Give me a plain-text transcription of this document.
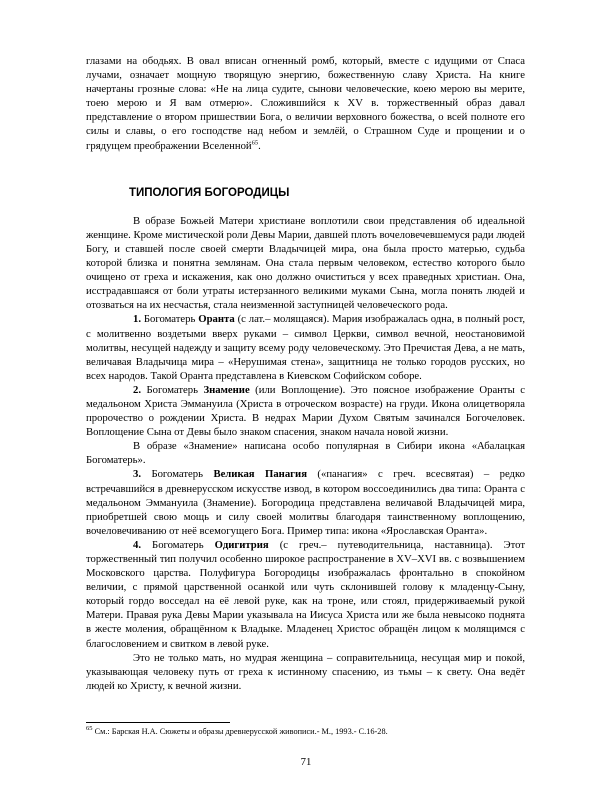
глазами на ободьях. В овал вписан огненный ромб, который, вместе с идущими от Спаса лучами, означает мощную творящую энергию, божественную славу Христа. На книге начертаны грозные слова: «Не на лица судите, сынови человеческие, коею мерою вы мерите, тоею мерою и Я вам отмерю». Сложившийся к XV в. торжественный образ давал представление о втором пришествии Бога, о величии верховного божества, о всей полноте его силы и славы, о его господстве над небом и землёй, о Страшном Суде и прощении и о грядущем преображении Вселенной$^{65}$.

ТИПОЛОГИЯ БОГОРОДИЦЫ

В образе Божьей Матери христиане воплотили свои представления об идеальной женщине. Кроме мистической роли Девы Марии, давшей плоть вочеловечевшемуся ради людей Богу, и ставшей после своей смерти Владычицей мира, она была просто матерью, судьба которой близка и понятна землянам. Она стала первым человеком, естество которого было очищено от греха и искажения, как оно должно очиститься у всех праведных христиан. Она, исстрадавшаяся от боли утраты истерзанного великими муками Сына, могла понять людей и отозваться на их несчастья, стала неизменной заступницей человеческого рода.

1. Богоматерь Оранта (с лат.– молящаяся). Мария изображалась одна, в полный рост, с молитвенно воздетыми вверх руками – символ Церкви, символ вечной, неостановимой молитвы, несущей надежду и защиту всему роду человеческому. Это Пречистая Дева, а не мать, величавая Владычица мира – «Нерушимая стена», защитница не только городов русских, но всех народов. Такой Оранта представлена в Киевском Софийском соборе.

2. Богоматерь Знамение (или Воплощение). Это поясное изображение Оранты с медальоном Христа Эммануила (Христа в отроческом возрасте) на груди. Икона олицетворяла пророчество о рождении Христа. В недрах Марии Духом Святым зачинался Богочеловек. Воплощение Сына от Девы было знаком спасения, знаком начала новой жизни.

В образе «Знамение» написана особо популярная в Сибири икона «Абалацкая Богоматерь».

3. Богоматерь Великая Панагия («панагия» с греч. всесвятая) – редко встречавшийся в древнерусском искусстве извод, в котором воссоединились два типа: Оранта с медальоном Эммануила (Знамение). Богородица представлена величавой Владычицей мира, приобретшей свою мощь и силу своей молитвы благодаря таинственному воплощению, вочеловечиванию от неё всемогущего Бога. Пример типа: икона «Ярославская Оранта».

4. Богоматерь Одигитрия (с греч.– путеводительница, наставница). Этот торжественный тип получил особенно широкое распространение в XV–XVI вв. с возвышением Московского царства. Полуфигура Богородицы изображалась фронтально в спокойном величии, с прямой царственной осанкой или чуть склонившей голову к младенцу-Сыну, который гордо восседал на её левой руке, как на троне, или стоял, придерживаемый рукой Матери. Правая рука Девы Марии указывала на Иисуса Христа или же была невысоко поднята в жесте моления, обращённом к Владыке. Младенец Христос обращён лицом к молящимся с благословением и свитком в левой руке.

Это не только мать, но мудрая женщина – соправительница, несущая мир и покой, указывающая человеку путь от греха к истинному спасению, из тьмы – к свету. Она ведёт людей ко Христу, к вечной жизни.

$^{65}$ См.: Барская Н.А. Сюжеты и образы древнерусской живописи.- М., 1993.- С.16-28.
71
